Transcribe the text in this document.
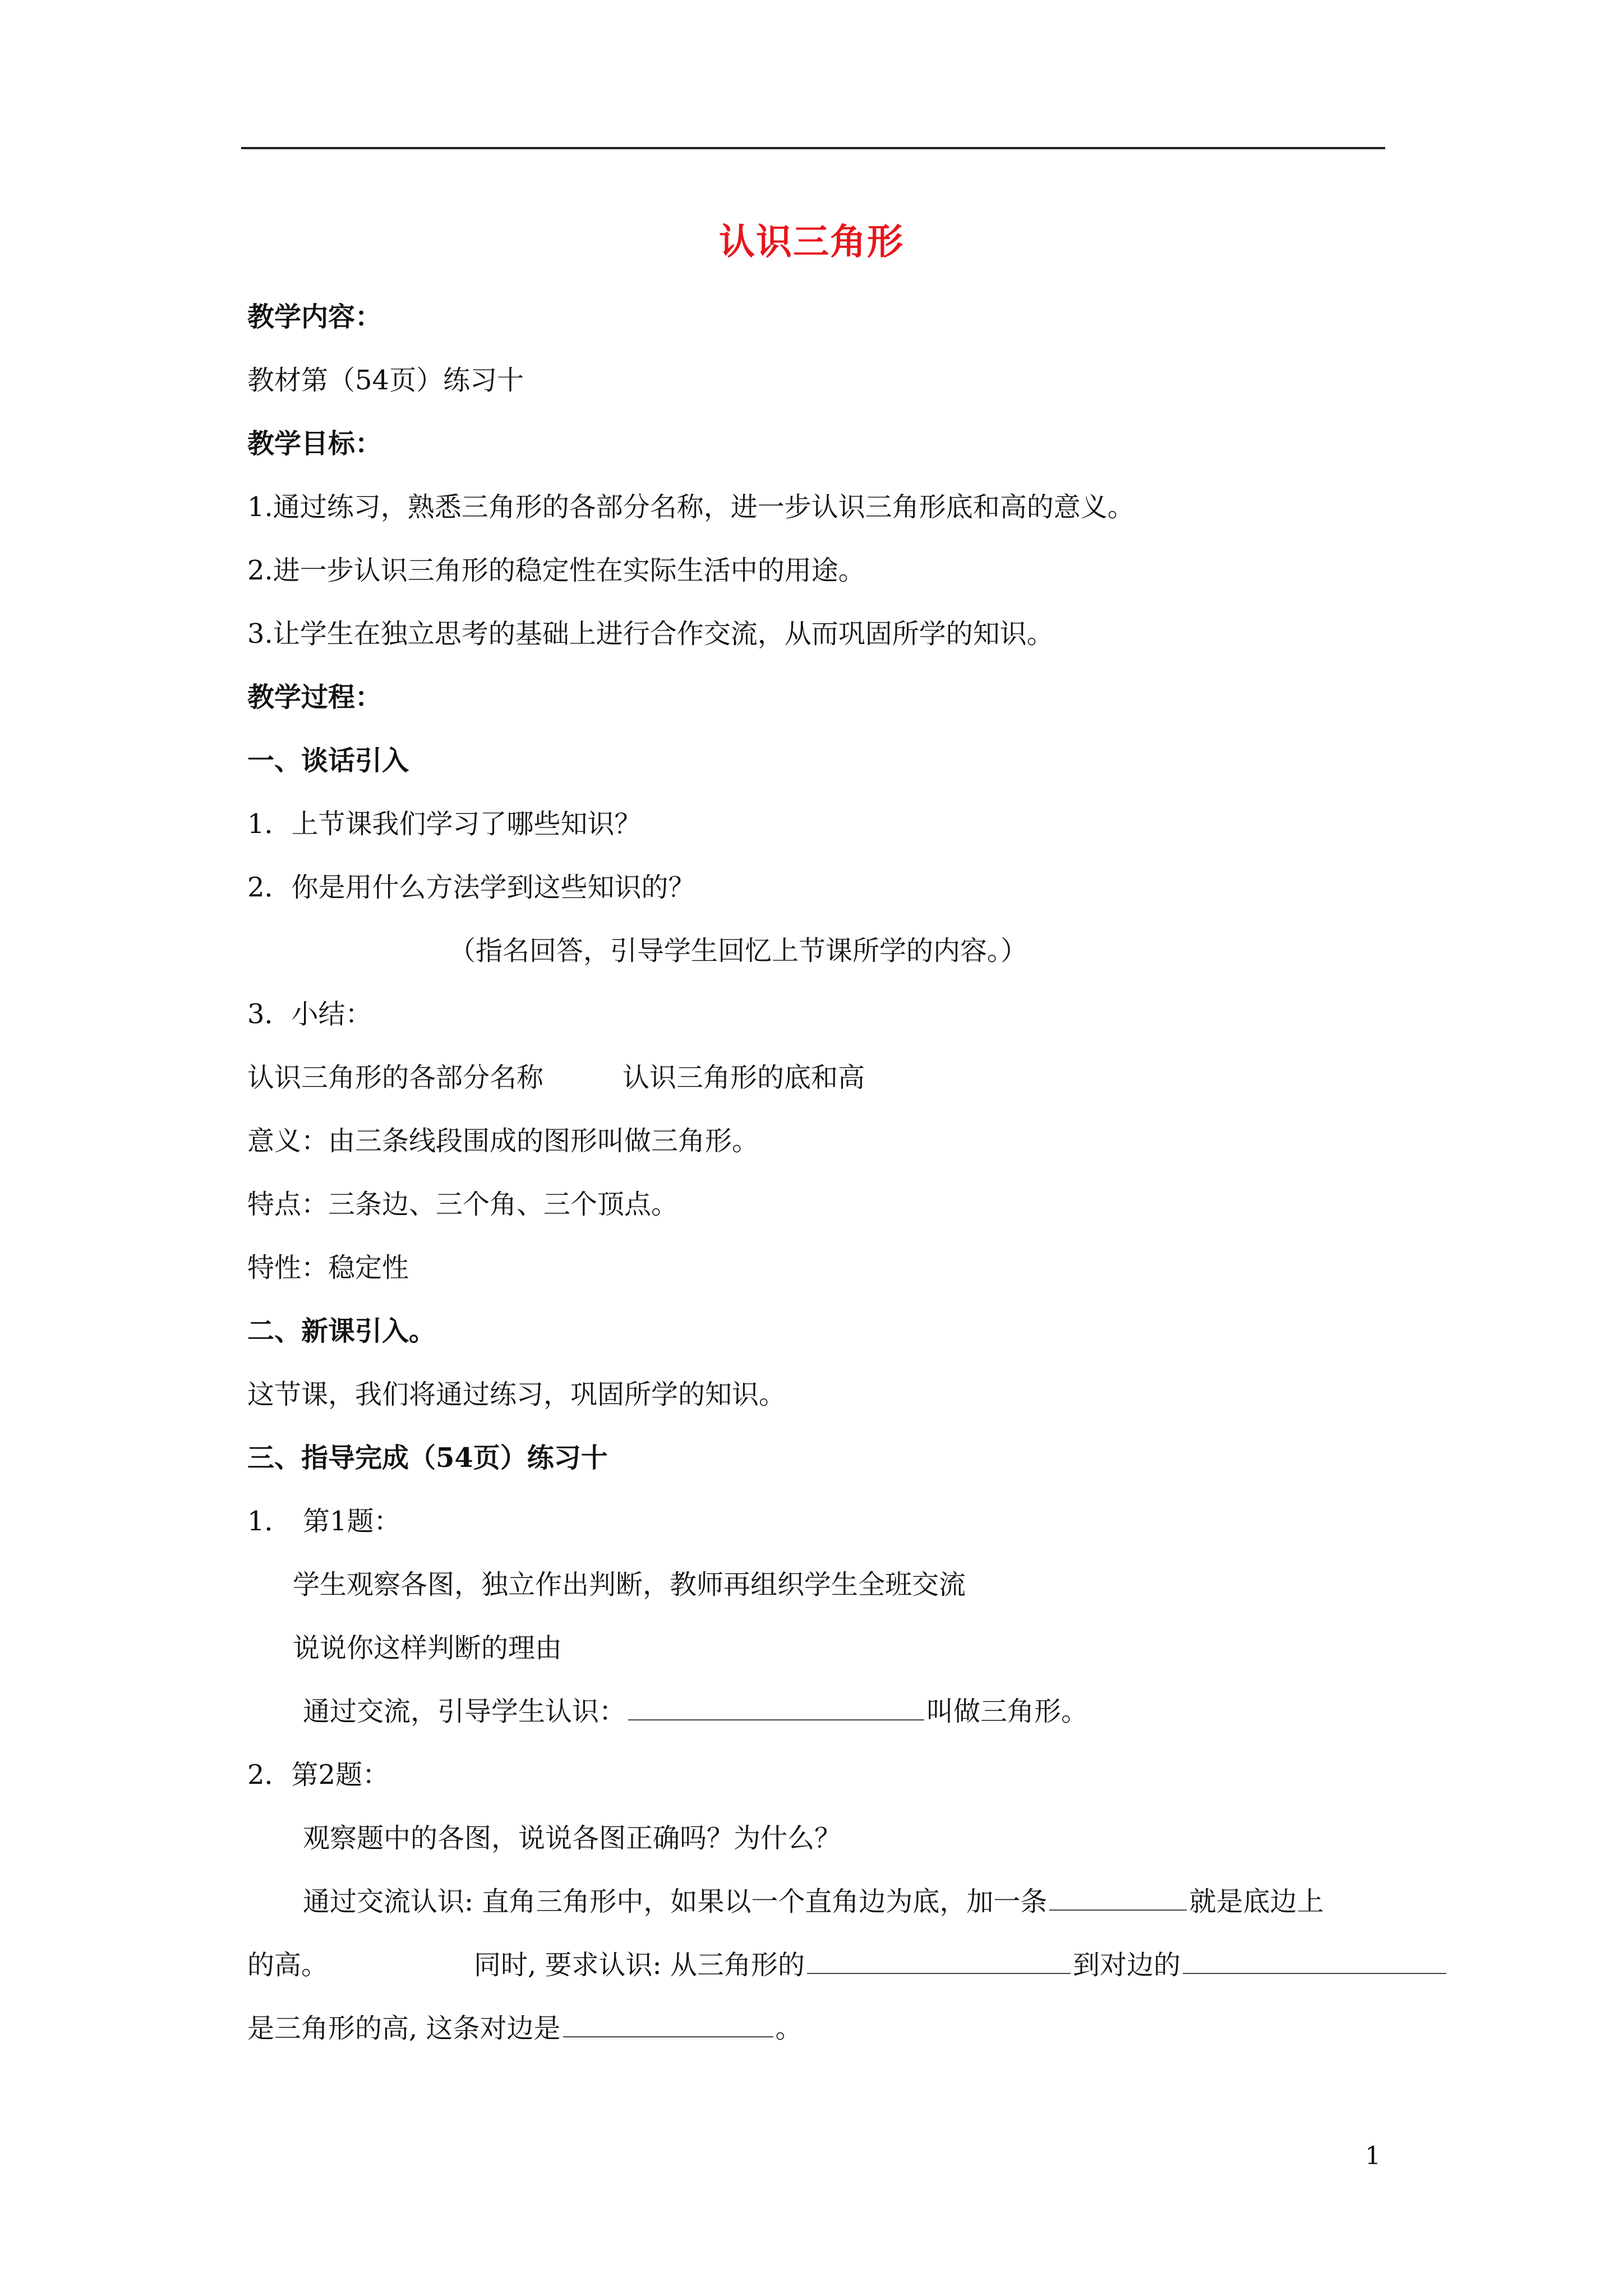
认识三角形
教学内容：
教材第（54页）练习十
教学目标：
1.通过练习，熟悉三角形的各部分名称，进一步认识三角形底和高的意义。
2.进一步认识三角形的稳定性在实际生活中的用途。
3.让学生在独立思考的基础上进行合作交流，从而巩固所学的知识。
教学过程：
一、谈话引入
1．上节课我们学习了哪些知识？
2．你是用什么方法学到这些知识的？
（指名回答，引导学生回忆上节课所学的内容。）
3．小结：
认识三角形的各部分名称	认识三角形的底和高
意义：由三条线段围成的图形叫做三角形。
特点：三条边、三个角、三个顶点。
特性：稳定性
二、新课引入。
这节课，我们将通过练习，巩固所学的知识。
三、指导完成（54页）练习十
1． 第1题：
学生观察各图，独立作出判断，教师再组织学生全班交流
说说你这样判断的理由
通过交流，引导学生认识：	叫做三角形。
2．第2题：
观察题中的各图，说说各图正确吗？为什么？
通过交流认识: 直角三角形中，如果以一个直角边为底，加一条	就是底边上
的高。	同时, 要求认识: 从三角形的	到对边的
是三角形的高, 这条对边是	。
1
